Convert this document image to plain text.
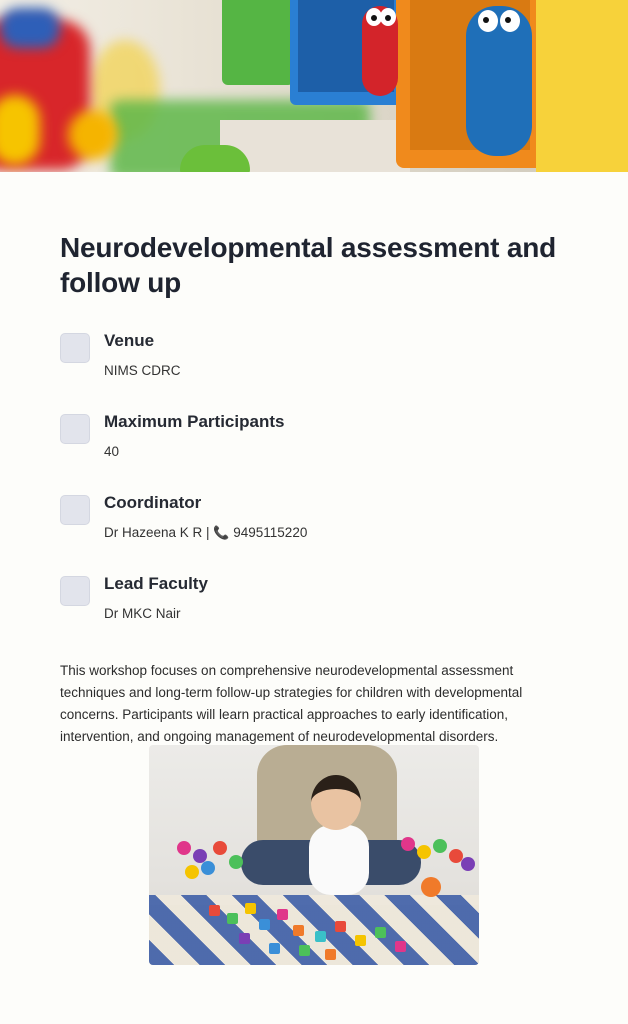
Neurodevelopmental assessment and follow up
Venue
NIMS CDRC
Maximum Participants
40
Coordinator
Dr Hazeena K R | 📞 9495115220
Lead Faculty
Dr MKC Nair

This workshop focuses on comprehensive neurodevelopmental assessment techniques and long-term follow-up strategies for children with developmental concerns. Participants will learn practical approaches to early identification, intervention, and ongoing management of neurodevelopmental disorders.
